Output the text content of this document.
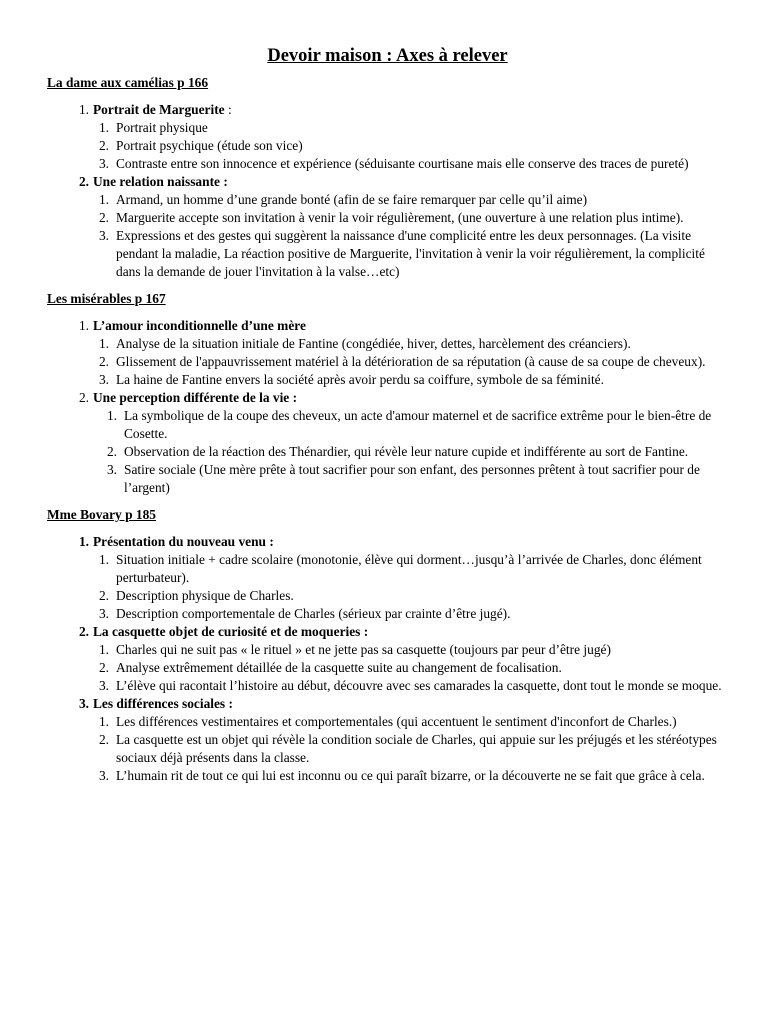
Devoir maison : Axes à relever
La dame aux camélias p 166
1. Portrait de Marguerite :
1. Portrait physique
2. Portrait psychique (étude son vice)
3. Contraste entre son innocence et expérience (séduisante courtisane mais elle conserve des traces de pureté)
2. Une relation naissante :
1. Armand, un homme d’une grande bonté (afin de se faire remarquer par celle qu’il aime)
2. Marguerite accepte son invitation à venir la voir régulièrement, (une ouverture à une relation plus intime).
3. Expressions et des gestes qui suggèrent la naissance d'une complicité entre les deux personnages. (La visite pendant la maladie, La réaction positive de Marguerite, l'invitation à venir la voir régulièrement, la complicité dans la demande de jouer l'invitation à la valse…etc)
Les misérables p 167
1. L’amour inconditionnelle d’une mère
1. Analyse de la situation initiale de Fantine (congédiée, hiver, dettes, harcèlement des créanciers).
2. Glissement de l'appauvrissement matériel à la détérioration de sa réputation (à cause de sa coupe de cheveux).
3. La haine de Fantine envers la société après avoir perdu sa coiffure, symbole de sa féminité.
2. Une perception différente de la vie :
1. La symbolique de la coupe des cheveux, un acte d'amour maternel et de sacrifice extrême pour le bien-être de Cosette.
2. Observation de la réaction des Thénardier, qui révèle leur nature cupide et indifférente au sort de Fantine.
3. Satire sociale (Une mère prête à tout sacrifier pour son enfant, des personnes prêtent à tout sacrifier pour de l’argent)
Mme Bovary p 185
1. Présentation du nouveau venu :
1. Situation initiale + cadre scolaire (monotonie, élève qui dorment…jusqu’à l’arrivée de Charles, donc élément perturbateur).
2. Description physique de Charles.
3. Description comportementale de Charles (sérieux par crainte d’être jugé).
2. La casquette objet de curiosité et de moqueries :
1. Charles qui ne suit pas « le rituel » et ne jette pas sa casquette (toujours par peur d’être jugé)
2. Analyse extrêmement détaillée de la casquette suite au changement de focalisation.
3. L’élève qui racontait l’histoire au début, découvre avec ses camarades la casquette, dont tout le monde se moque.
3. Les différences sociales :
1. Les différences vestimentaires et comportementales (qui accentuent le sentiment d'inconfort de Charles.)
2. La casquette est un objet qui révèle la condition sociale de Charles, qui appuie sur les préjugés et les stéréotypes sociaux déjà présents dans la classe.
3. L’humain rit de tout ce qui lui est inconnu ou ce qui paraît bizarre, or la découverte ne se fait que grâce à cela.
